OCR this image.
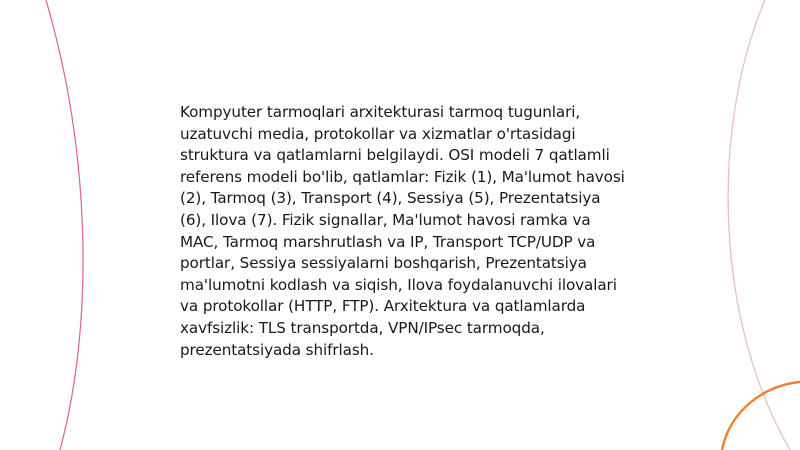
Kompyuter tarmoqlari arxitekturasi tarmoq tugunlari, uzatuvchi media, protokollar va xizmatlar o'rtasidagi struktura va qatlamlarni belgilaydi. OSI modeli 7 qatlamli referens modeli bo'lib, qatlamlar: Fizik (1), Ma'lumot havosi (2), Tarmoq (3), Transport (4), Sessiya (5), Prezentatsiya (6), Ilova (7). Fizik signallar, Ma'lumot havosi ramka va MAC, Tarmoq marshrutlash va IP, Transport TCP/UDP va portlar, Sessiya sessiyalarni boshqarish, Prezentatsiya ma'lumotni kodlash va siqish, Ilova foydalanuvchi ilovalari va protokollar (HTTP, FTP). Arxitektura va qatlamlarda xavfsizlik: TLS transportda, VPN/IPsec tarmoqda, prezentatsiyada shifrlash.
